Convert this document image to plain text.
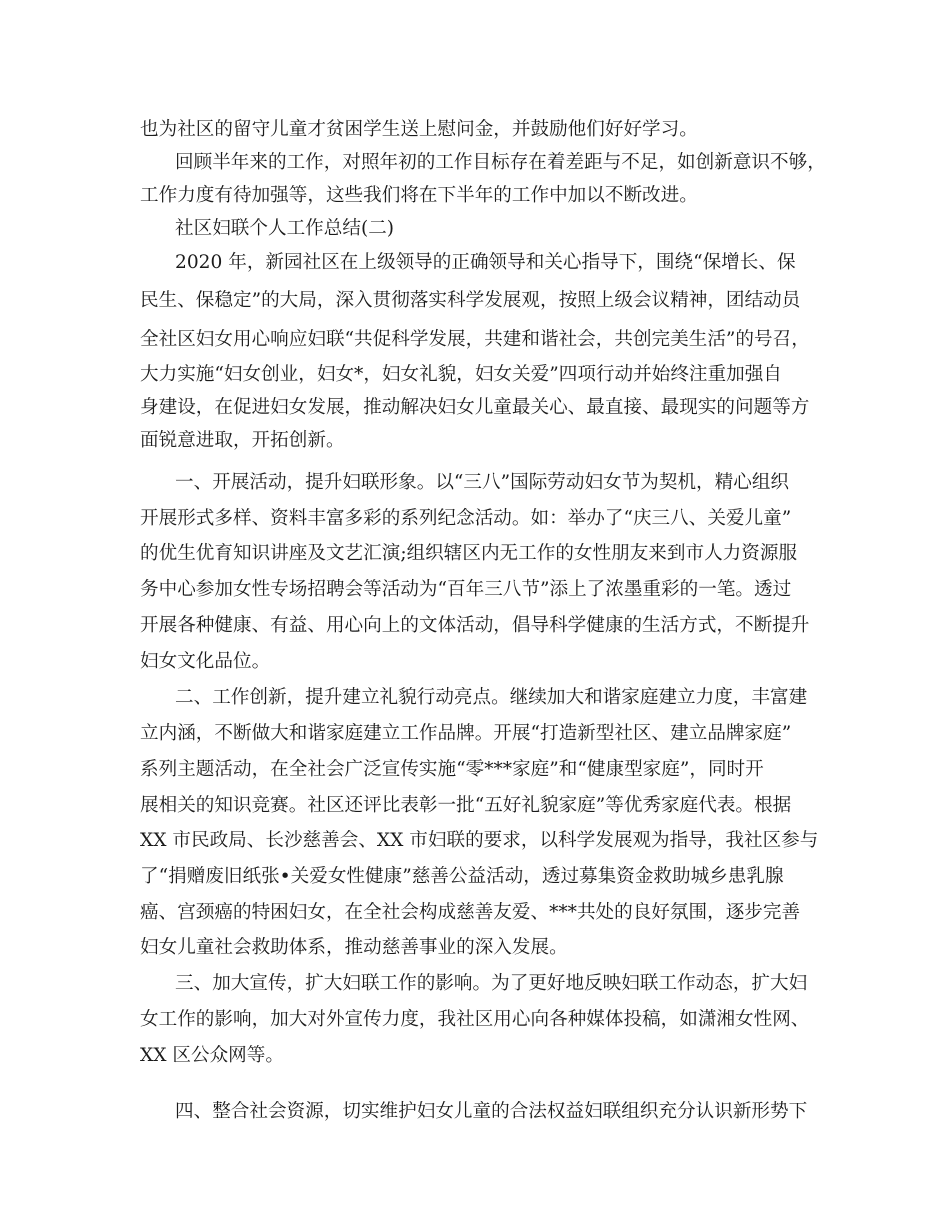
也为社区的留守儿童才贫困学生送上慰问金，并鼓励他们好好学习。
回顾半年来的工作，对照年初的工作目标存在着差距与不足，如创新意识不够，
工作力度有待加强等，这些我们将在下半年的工作中加以不断改进。
社区妇联个人工作总结(二)
2020 年，新园社区在上级领导的正确领导和关心指导下，围绕“保增长、保
民生、保稳定”的大局，深入贯彻落实科学发展观，按照上级会议精神，团结动员
全社区妇女用心响应妇联“共促科学发展，共建和谐社会，共创完美生活”的号召，
大力实施“妇女创业，妇女*，妇女礼貌，妇女关爱”四项行动并始终注重加强自
身建设，在促进妇女发展，推动解决妇女儿童最关心、最直接、最现实的问题等方
面锐意进取，开拓创新。
一、开展活动，提升妇联形象。以“三八”国际劳动妇女节为契机，精心组织
开展形式多样、资料丰富多彩的系列纪念活动。如：举办了“庆三八、关爱儿童”
的优生优育知识讲座及文艺汇演;组织辖区内无工作的女性朋友来到市人力资源服
务中心参加女性专场招聘会等活动为“百年三八节”添上了浓墨重彩的一笔。透过
开展各种健康、有益、用心向上的文体活动，倡导科学健康的生活方式，不断提升
妇女文化品位。
二、工作创新，提升建立礼貌行动亮点。继续加大和谐家庭建立力度，丰富建
立内涵，不断做大和谐家庭建立工作品牌。开展“打造新型社区、建立品牌家庭”
系列主题活动，在全社会广泛宣传实施“零***家庭”和“健康型家庭”，同时开
展相关的知识竞赛。社区还评比表彰一批“五好礼貌家庭”等优秀家庭代表。根据
XX 市民政局、长沙慈善会、XX 市妇联的要求，以科学发展观为指导，我社区参与
了“捐赠废旧纸张•关爱女性健康”慈善公益活动，透过募集资金救助城乡患乳腺
癌、宫颈癌的特困妇女，在全社会构成慈善友爱、***共处的良好氛围，逐步完善
妇女儿童社会救助体系，推动慈善事业的深入发展。
三、加大宣传，扩大妇联工作的影响。为了更好地反映妇联工作动态，扩大妇
女工作的影响，加大对外宣传力度，我社区用心向各种媒体投稿，如潇湘女性网、
XX 区公众网等。
四、整合社会资源，切实维护妇女儿童的合法权益妇联组织充分认识新形势下
